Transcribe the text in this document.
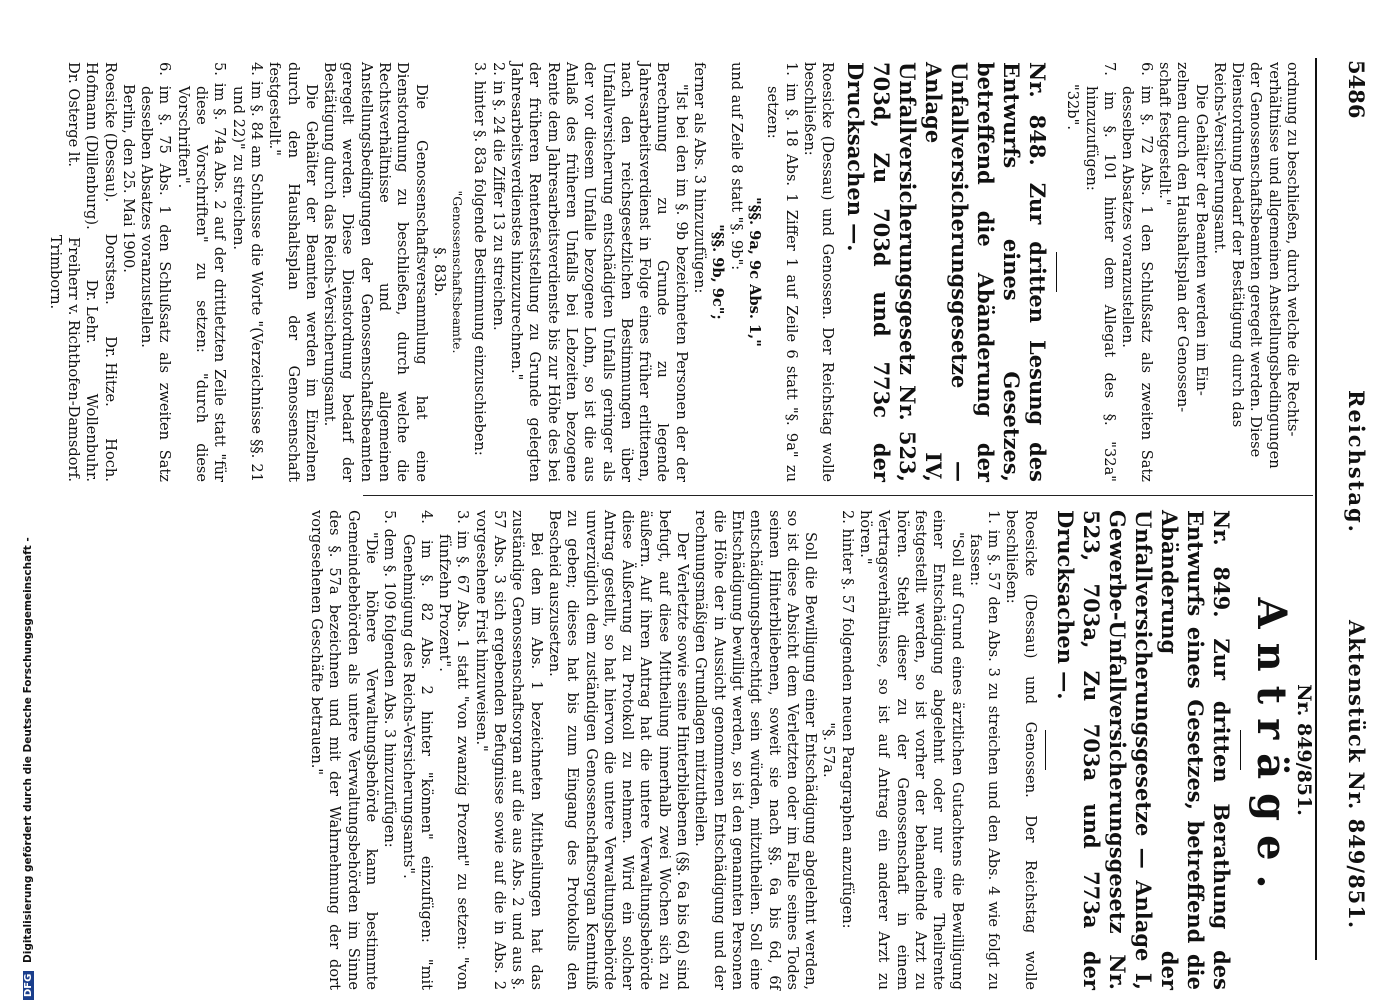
5486
Reichstag.
Aktenstück Nr. 849/851.

ordnung zu beschließen, durch welche die Rechts-

verhältnisse und allgemeinen Anstellungsbedingungen

der Genossenschaftsbeamten geregelt werden. Diese

Dienstordnung bedarf der Bestätigung durch das

Reichs-Versicherungsamt.

Die Gehälter der Beamten werden im Ein-

zelnen durch den Haushaltsplan der Genossen-

schaft festgestellt."

6. im §. 72 Abs. 1 den Schlußsatz als zweiten Satz desselben Absatzes voranzustellen.

7. im §. 101 hinter dem Allegat des §. "32a" hinzuzufügen:

"32b".

Nr. 848. Zur dritten Lesung des Entwurfs eines Gesetzes, betreffend die Abänderung der Unfallversicherungsgesetze — Anlage IV, Unfallversicherungsgesetz Nr. 523, 703d, Zu 703d und 773c der Drucksachen —.

Roesicke (Dessau) und Genossen. Der Reichstag wolle beschließen:

1. im §. 18 Abs. 1 Ziffer 1 auf Zeile 6 statt "§. 9a" zu setzen:

"§§. 9a, 9c Abs. 1,"

und auf Zeile 8 statt "§. 9b":

"§§. 9b, 9c";

ferner als Abs. 3 hinzuzufügen:

"Ist bei den im §. 9b bezeichneten Personen der der Berechnung zu Grunde zu legende Jahresarbeitsverdienst in Folge eines früher erlittenen, nach den reichsgesetzlichen Bestimmungen über Unfallversicherung entschädigten Unfalls geringer als der vor diesem Unfalle bezogene Lohn, so ist die aus Anlaß des früheren Unfalls bei Lebzeiten bezogene Rente dem Jahresarbeitsverdienste bis zur Höhe des bei der früheren Rentenfeststellung zu Grunde gelegten Jahresarbeitsverdienstes hinzuzurechnen."

2. in §. 24 die Ziffer 13 zu streichen.

3. hinter §. 83a folgende Bestimmung einzuschieben:

"Genossenschaftsbeamte.

§. 83b.

Die Genossenschaftsversammlung hat eine Dienstordnung zu beschließen, durch welche die Rechtsverhältnisse und allgemeinen Anstellungsbedingungen der Genossenschaftsbeamten geregelt werden. Diese Dienstordnung bedarf der Bestätigung durch das Reichs-Versicherungsamt.

Die Gehälter der Beamten werden im Einzelnen durch den Haushaltsplan der Genossenschaft festgestellt."

4. im §. 84 am Schlusse die Worte "(Verzeichnisse §§. 21 und 22)" zu streichen.

5. im §. 74a Abs. 2 auf der drittletzten Zeile statt "für diese Vorschriften" zu setzen: "durch diese Vorschriften".

6. im §. 75 Abs. 1 den Schlußsatz als zweiten Satz desselben Absatzes voranzustellen.

Berlin, den 25. Mai 1900.

Roesicke (Dessau).
Dorstsen.
Dr. Hitze.
Hoch.
Hofmann (Dillenburg).
Dr. Lehr.
Wollenbuhr.
Dr. Osterge lt.
Freiherr v. Richthofen-Damsdorf.
Trimborn.

Nr. 849/851.

Anträge.

Nr. 849. Zur dritten Berathung des Entwurfs eines Gesetzes, betreffend die Abänderung der Unfallversicherungsgesetze — Anlage I, Gewerbe-Unfallversicherungsgesetz Nr. 523, 703a, Zu 703a und 773a der Drucksachen —.

Roesicke (Dessau) und Genossen. Der Reichstag wolle beschließen:

1. im §. 57 den Abs. 3 zu streichen und den Abs. 4 wie folgt zu fassen:

"Soll auf Grund eines ärztlichen Gutachtens die Bewilligung einer Entschädigung abgelehnt oder nur eine Theilrente festgestellt werden, so ist vorher der behandelnde Arzt zu hören. Steht dieser zu der Genossenschaft in einem Vertragsverhältnisse, so ist auf Antrag ein anderer Arzt zu hören."

2. hinter §. 57 folgenden neuen Paragraphen anzufügen:

"§. 57a.

Soll die Bewilligung einer Entschädigung abgelehnt werden, so ist diese Absicht dem Verletzten oder im Falle seines Todes seinen Hinterbliebenen, soweit sie nach §§. 6a bis 6d, 6f entschädigungsberechtigt sein würden, mitzutheilen. Soll eine Entschädigung bewilligt werden, so ist den genannten Personen die Höhe der in Aussicht genommenen Entschädigung und der rechnungsmäßigen Grundlagen mitzutheilen.

Der Verletzte sowie seine Hinterbliebenen (§§. 6a bis 6d) sind befugt, auf diese Mittheilung innerhalb zwei Wochen sich zu äußern. Auf ihren Antrag hat die untere Verwaltungsbehörde diese Äußerung zu Protokoll zu nehmen. Wird ein solcher Antrag gestellt, so hat hiervon die untere Verwaltungsbehörde unverzüglich dem zuständigen Genossenschaftsorgan Kenntniß zu geben; dieses hat bis zum Eingang des Protokolls den Bescheid auszusetzen.

Bei den im Abs. 1 bezeichneten Mittheilungen hat das zuständige Genossenschaftsorgan auf die aus Abs. 2 und aus §. 57 Abs. 3 sich ergebenden Befugnisse sowie auf die in Abs. 2 vorgesehene Frist hinzuweisen."

3. im §. 67 Abs. 1 statt "von zwanzig Prozent" zu setzen: "von fünfzehn Prozent".

4. im §. 82 Abs. 2 hinter "können" einzufügen: "mit Genehmigung des Reichs-Versicherungsamts".

5. dem §. 109 folgenden Abs. 3 hinzuzufügen:

"Die höhere Verwaltungsbehörde kann bestimmte Gemeindebehörden als untere Verwaltungsbehörden im Sinne des §. 57a bezeichnen und mit der Wahrnehmung der dort vorgesehenen Geschäfte betrauen."

DFG Digitalisierung gefördert durch die Deutsche Forschungsgemeinschaft -
